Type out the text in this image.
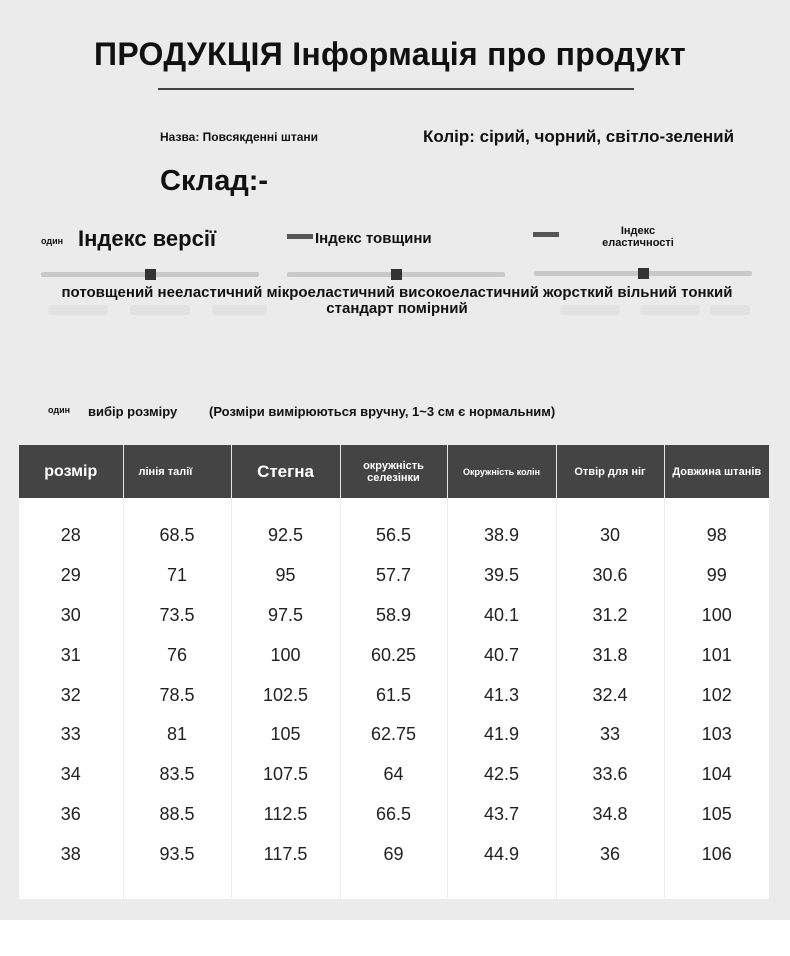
ПРОДУКЦІЯ Інформація про продукт
Назва: Повсякденні штани	Колір: сірий, чорний, світло-зелений
Склад:-
один Індекс версії	Індекс товщини	Індекс
еластичності
потовщений нееластичний мікроеластичний високоеластичний жорсткий вільний тонкий стандарт помірний
один вибір розміру (Розміри вимірюються вручну, 1~3 см є нормальним)
розмір	лінія талії	Стегна	окружність селезінки	Окружність колін	Отвір для ніг	Довжина штанів
28	68.5	92.5	56.5	38.9	30	98
29	71	95	57.7	39.5	30.6	99
30	73.5	97.5	58.9	40.1	31.2	100
31	76	100	60.25	40.7	31.8	101
32	78.5	102.5	61.5	41.3	32.4	102
33	81	105	62.75	41.9	33	103
34	83.5	107.5	64	42.5	33.6	104
36	88.5	112.5	66.5	43.7	34.8	105
38	93.5	117.5	69	44.9	36	106
